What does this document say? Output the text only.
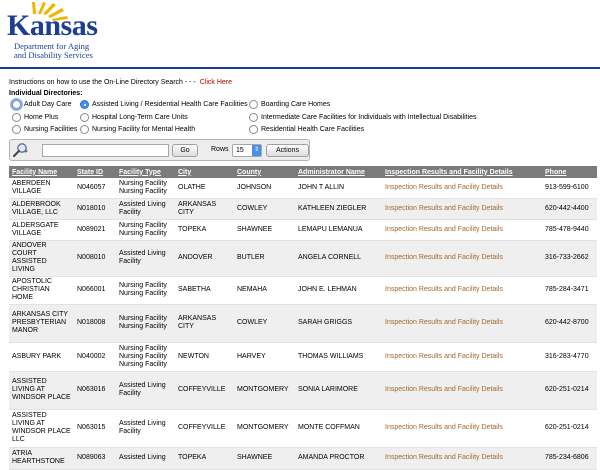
Kansas
Department for Aging
and Disability Services
Instructions on how to use the On-Line Directory Search - - - Click Here
Individual Directories:
Adult Day Care	Assisted Living / Residential Health Care Facilities Boarding Care Homes
Home Plus	Hospital Long-Term Care Units	Intermediate Care Facilities for Individuals with Intellectual Disabilities
Nursing Facilities Nursing Facility for Mental Health	Residential Health Care Facilities
Go	Rows 15	⇕	Actions
Facility Name	State ID	Facility Type	City	County	Administrator Name	Inspection Results and Facility Details	Phone
ABERDEEN VILLAGE	N046057	Nursing Facility Nursing Facility	OLATHE	JOHNSON	JOHN T ALLIN	Inspection Results and Facility Details	913-599-6100
ALDERBROOK VILLAGE, LLC	N018010	Assisted Living Facility	ARKANSAS CITY	COWLEY	KATHLEEN ZIEGLER	Inspection Results and Facility Details	620-442-4400
ALDERSGATE VILLAGE	N089021	Nursing Facility Nursing Facility	TOPEKA	SHAWNEE	LEMAPU LEMANUA	Inspection Results and Facility Details	785-478-9440
ANDOVER COURT ASSISTED LIVING	N008010	Assisted Living Facility	ANDOVER	BUTLER	ANGELA CORNELL	Inspection Results and Facility Details	316-733-2662
APOSTOLIC CHRISTIAN HOME	N066001	Nursing Facility Nursing Facility	SABETHA	NEMAHA	JOHN E. LEHMAN	Inspection Results and Facility Details	785-284-3471
ARKANSAS CITY PRESBYTERIAN MANOR	N018008	Nursing Facility Nursing Facility	ARKANSAS CITY	COWLEY	SARAH GRIGGS	Inspection Results and Facility Details	620-442-8700
ASBURY PARK	N040002	Nursing Facility Nursing Facility Nursing Facility	NEWTON	HARVEY	THOMAS WILLIAMS	Inspection Results and Facility Details	316-283-4770
ASSISTED LIVING AT WINDSOR PLACE	N063016	Assisted Living Facility	COFFEYVILLE	MONTGOMERY	SONIA LARIMORE	Inspection Results and Facility Details	620-251-0214
ASSISTED LIVING AT WINDSOR PLACE LLC	N063015	Assisted Living Facility	COFFEYVILLE	MONTGOMERY	MONTE COFFMAN	Inspection Results and Facility Details	620-251-0214
ATRIA HEARTHSTONE	N089063	Assisted Living	TOPEKA	SHAWNEE	AMANDA PROCTOR	Inspection Results and Facility Details	785-234-6806
